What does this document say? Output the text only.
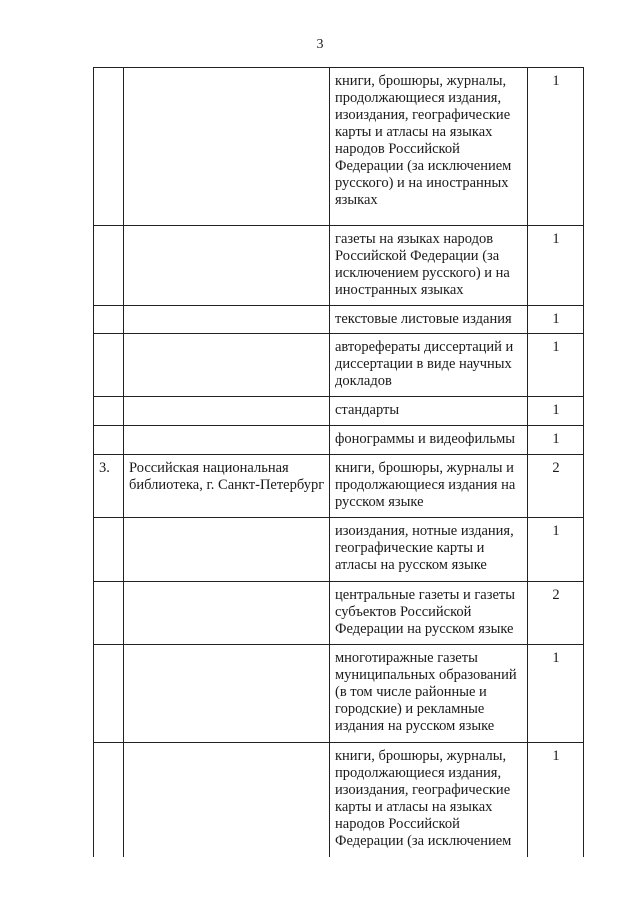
3
		книги, брошюры, журналы, продолжающиеся издания, изоиздания, географические карты и атласы на языках народов Российской Федерации (за исключением русского) и на иностранных языках	1
		газеты на языках народов Российской Федерации (за исключением русского) и на иностранных языках	1
		текстовые листовые издания	1
		авторефераты диссертаций и диссертации в виде научных докладов	1
		стандарты	1
		фонограммы и видеофильмы	1
3.	Российская национальная библиотека, г. Санкт-Петербург	книги, брошюры, журналы и продолжающиеся издания на русском языке	2
		изоиздания, нотные издания, географические карты и атласы на русском языке	1
		центральные газеты и газеты субъектов Российской Федерации на русском языке	2
		многотиражные газеты муниципальных образований (в том числе районные и городские) и рекламные издания на русском языке	1
		книги, брошюры, журналы, продолжающиеся издания, изоиздания, географические карты и атласы на языках народов Российской Федерации (за исключением	1
